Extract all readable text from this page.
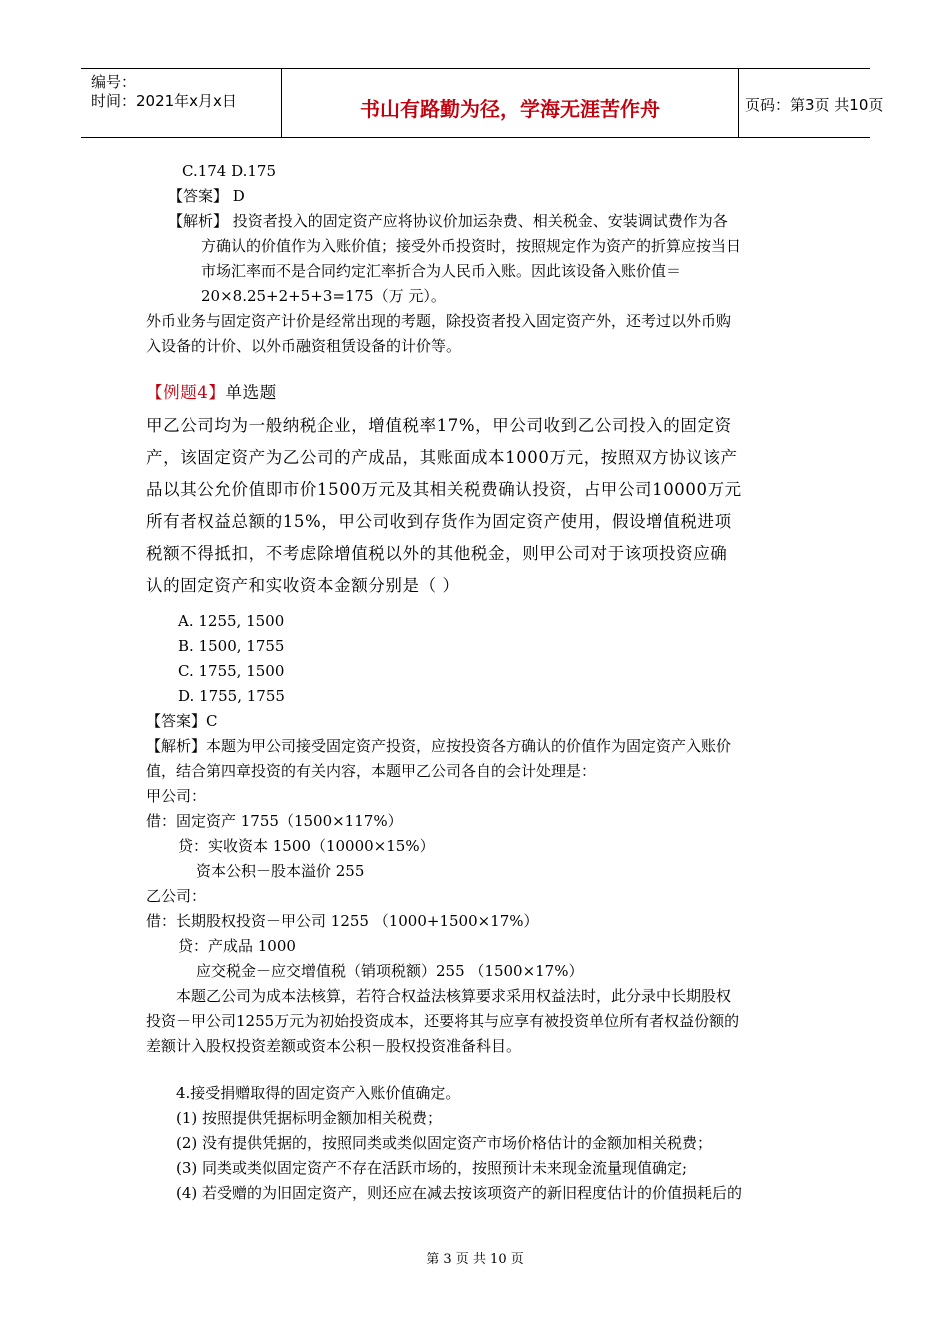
编号：
时间：2021年x月x日	书山有路勤为径，学海无涯苦作舟	页码：第3页 共10页
C.174 D.175
【答案】 D
【解析】 投资者投入的固定资产应将协议价加运杂费、相关税金、安装调试费作为各
方确认的价值作为入账价值；接受外币投资时，按照规定作为资产的折算应按当日
市场汇率而不是合同约定汇率折合为人民币入账。因此该设备入账价值＝
20×8.25+2+5+3=175（万 元）。
外币业务与固定资产计价是经常出现的考题，除投资者投入固定资产外，还考过以外币购
入设备的计价、以外币融资租赁设备的计价等。
【例题4】单选题
甲乙公司均为一般纳税企业，增值税率17%，甲公司收到乙公司投入的固定资
产，该固定资产为乙公司的产成品，其账面成本1000万元，按照双方协议该产
品以其公允价值即市价1500万元及其相关税费确认投资，占甲公司10000万元
所有者权益总额的15%，甲公司收到存货作为固定资产使用，假设增值税进项
税额不得抵扣，不考虑除增值税以外的其他税金，则甲公司对于该项投资应确
认的固定资产和实收资本金额分别是（ ）
A. 1255, 1500
B. 1500, 1755
C. 1755, 1500
D. 1755, 1755
【答案】C
【解析】本题为甲公司接受固定资产投资，应按投资各方确认的价值作为固定资产入账价
值，结合第四章投资的有关内容，本题甲乙公司各自的会计处理是：
甲公司：
借：固定资产 1755（1500×117%）
贷：实收资本 1500（10000×15%）
资本公积－股本溢价 255
乙公司：
借：长期股权投资－甲公司 1255 （1000+1500×17%）
贷：产成品 1000
应交税金－应交增值税（销项税额）255 （1500×17%）
本题乙公司为成本法核算，若符合权益法核算要求采用权益法时，此分录中长期股权
投资－甲公司1255万元为初始投资成本，还要将其与应享有被投资单位所有者权益份额的
差额计入股权投资差额或资本公积－股权投资准备科目。
4.接受捐赠取得的固定资产入账价值确定。
(1) 按照提供凭据标明金额加相关税费；
(2) 没有提供凭据的，按照同类或类似固定资产市场价格估计的金额加相关税费；
(3) 同类或类似固定资产不存在活跃市场的，按照预计未来现金流量现值确定;
(4) 若受赠的为旧固定资产，则还应在减去按该项资产的新旧程度估计的价值损耗后的
第 3 页 共 10 页
